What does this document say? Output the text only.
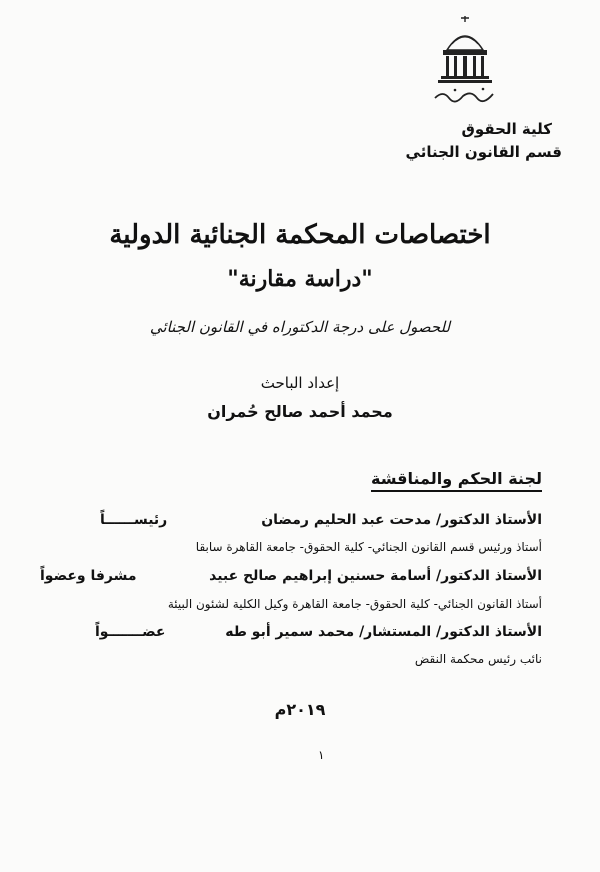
كلية الحقوق
قسم القانون الجنائي
اختصاصات المحكمة الجنائية الدولية
"دراسة مقارنة"
للحصول على درجة الدكتوراه في القانون الجنائي
إعداد الباحث
محمد أحمد صالح حُمران
لجنة الحكم والمناقشة
الأستاذ الدكتور/ مدحت عبد الحليم رمضان
رئيســــــاً
أستاذ ورئيس قسم القانون الجنائي- كلية الحقوق- جامعة القاهرة سابقا
الأستاذ الدكتور/ أسامة حسنين إبراهيم صالح عبيد
مشرفا وعضواً
أستاذ القانون الجنائي- كلية الحقوق- جامعة القاهرة وكيل الكلية لشئون البيئة
الأستاذ الدكتور/ المستشار/ محمد سمير أبو طه
عضـــــــواً
نائب رئيس محكمة النقض
٢٠١٩م
١
